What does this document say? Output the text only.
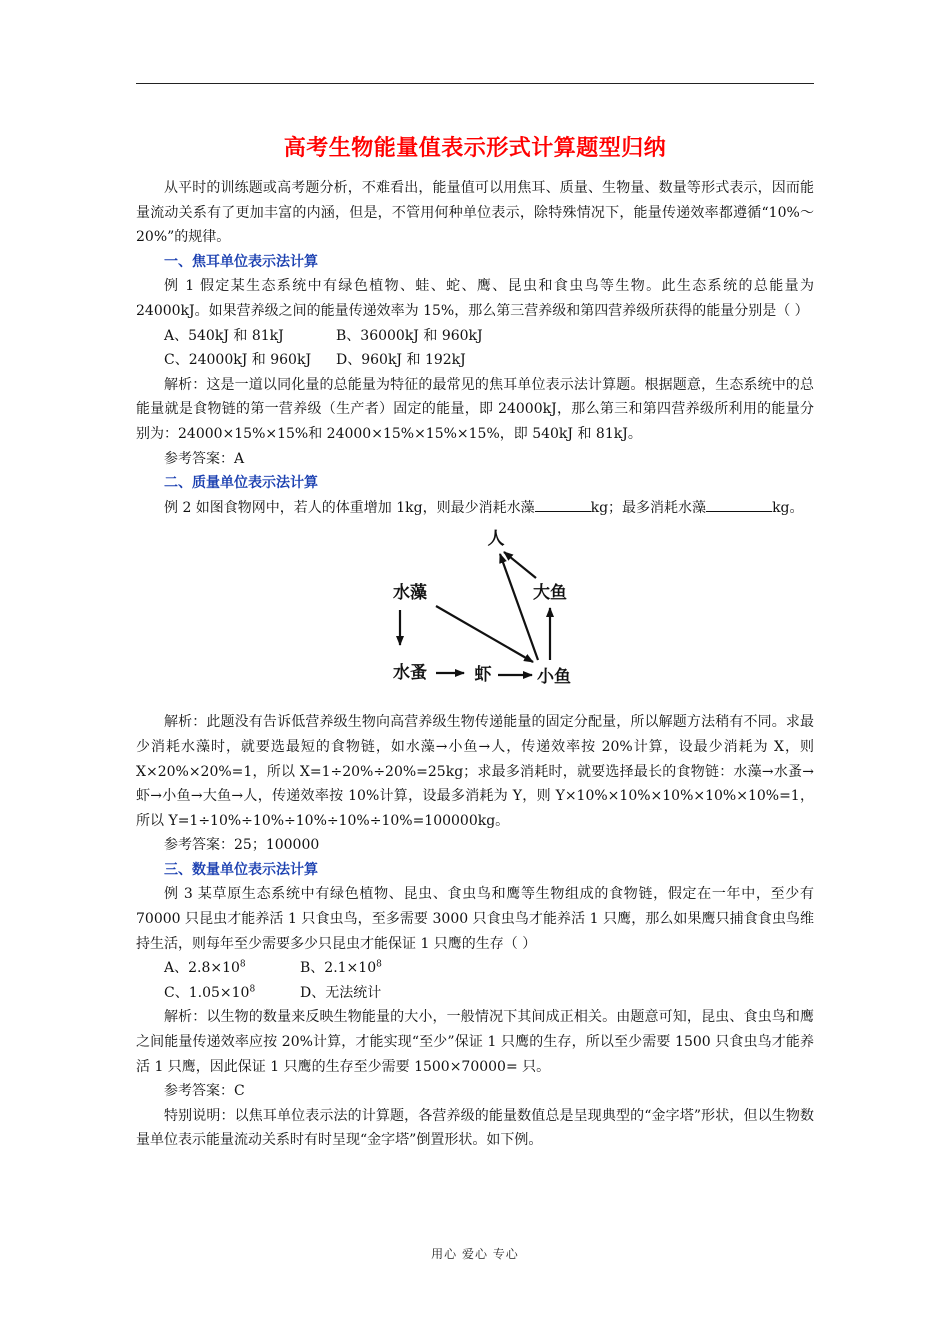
高考生物能量值表示形式计算题型归纳

从平时的训练题或高考题分析，不难看出，能量值可以用焦耳、质量、生物量、数量等形式表示，因而能量流动关系有了更加丰富的内涵，但是，不管用何种单位表示，除特殊情况下，能量传递效率都遵循“10%～20%”的规律。

一、焦耳单位表示法计算

例 1 假定某生态系统中有绿色植物、蛙、蛇、鹰、昆虫和食虫鸟等生物。此生态系统的总能量为 24000kJ。如果营养级之间的能量传递效率为 15%，那么第三营养级和第四营养级所获得的能量分别是（ ）

A、540kJ 和 81kJ	B、36000kJ 和 960kJ

C、24000kJ 和 960kJ D、960kJ 和 192kJ

解析：这是一道以同化量的总能量为特征的最常见的焦耳单位表示法计算题。根据题意，生态系统中的总能量就是食物链的第一营养级（生产者）固定的能量，即 24000kJ，那么第三和第四营养级所利用的能量分别为：24000×15%×15%和 24000×15%×15%×15%，即 540kJ 和 81kJ。

参考答案：A

二、质量单位表示法计算

例 2 如图食物网中，若人的体重增加 1kg，则最少消耗水藻	kg；最多消耗水藻	kg。

人
大鱼
水藻
水蚤	虾	小鱼

解析：此题没有告诉低营养级生物向高营养级生物传递能量的固定分配量，所以解题方法稍有不同。求最少消耗水藻时，就要选最短的食物链，如水藻→小鱼→人，传递效率按 20%计算，设最少消耗为 X，则 X×20%×20%=1，所以 X=1÷20%÷20%=25kg；求最多消耗时，就要选择最长的食物链：水藻→水蚤→虾→小鱼→大鱼→人，传递效率按 10%计算，设最多消耗为 Y，则 Y×10%×10%×10%×10%×10%=1，所以 Y=1÷10%÷10%÷10%÷10%÷10%=100000kg。

参考答案：25；100000

三、数量单位表示法计算

例 3 某草原生态系统中有绿色植物、昆虫、食虫鸟和鹰等生物组成的食物链，假定在一年中，至少有 70000 只昆虫才能养活 1 只食虫鸟，至多需要 3000 只食虫鸟才能养活 1 只鹰，那么如果鹰只捕食食虫鸟维持生活，则每年至少需要多少只昆虫才能保证 1 只鹰的生存（ ）

A、$2.8\times 10^8$	B、$2.1\times 10^8$

C、$1.05\times 10^8$	D、无法统计

解析：以生物的数量来反映生物能量的大小，一般情况下其间成正相关。由题意可知，昆虫、食虫鸟和鹰之间能量传递效率应按 20%计算，才能实现“至少”保证 1 只鹰的生存，所以至少需要 1500 只食虫鸟才能养活 1 只鹰，因此保证 1 只鹰的生存至少需要 1500×70000= 只。

参考答案：C

特别说明：以焦耳单位表示法的计算题，各营养级的能量数值总是呈现典型的“金字塔”形状，但以生物数量单位表示能量流动关系时有时呈现“金字塔”倒置形状。如下例。

用心 爱心 专心
